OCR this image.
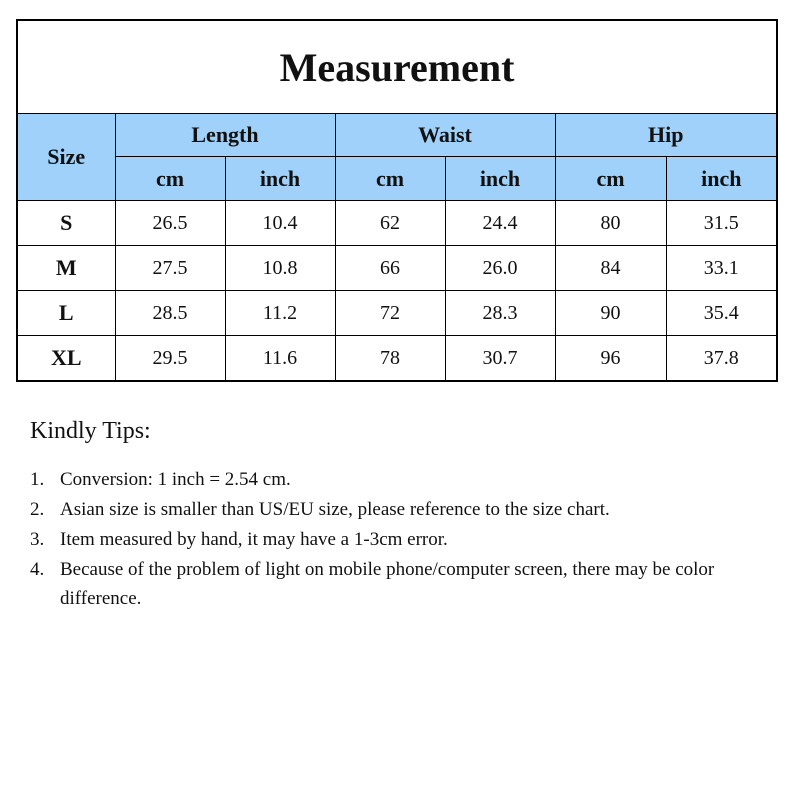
Measurement						
Size	Length		Waist		Hip	
	cm	inch	cm	inch	cm	inch
S	26.5	10.4	62	24.4	80	31.5
M	27.5	10.8	66	26.0	84	33.1
L	28.5	11.2	72	28.3	90	35.4
XL	29.5	11.6	78	30.7	96	37.8
Kindly Tips:
1. Conversion: 1 inch = 2.54 cm.
2. Asian size is smaller than US/EU size, please reference to the size chart.
3. Item measured by hand, it may have a 1-3cm error.
4. Because of the problem of light on mobile phone/computer screen, there may be color difference.
